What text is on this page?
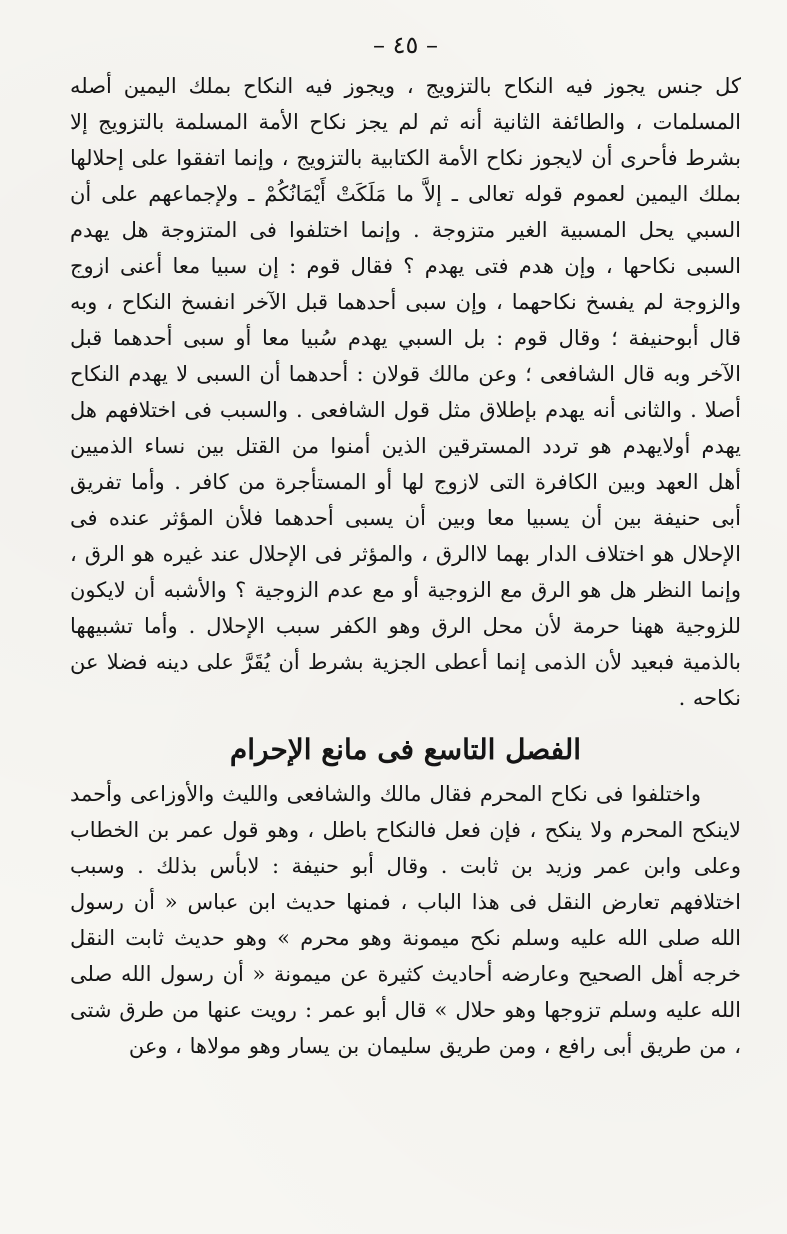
– ٤٥ –

كل جنس يجوز فيه النكاح بالتزويج ، ويجوز فيه النكاح بملك اليمين أصله المسلمات ، والطائفة الثانية أنه ثم لم يجز نكاح الأمة المسلمة بالتزويج إلا بشرط فأحرى أن لايجوز نكاح الأمة الكتابية بالتزويج ، وإنما اتفقوا على إحلالها بملك اليمين لعموم قوله تعالى ـ إلاَّ ما مَلَكَتْ أَيْمَانُكُمْ ـ ولإجماعهم على أن السبي يحل المسبية الغير متزوجة . وإنما اختلفوا فى المتزوجة هل يهدم السبى نكاحها ، وإن هدم فتى يهدم ؟ فقال قوم : إن سبيا معا أعنى ازوج والزوجة لم يفسخ نكاحهما ، وإن سبى أحدهما قبل الآخر انفسخ النكاح ، وبه قال أبوحنيفة ؛ وقال قوم : بل السبي يهدم سُبيا معا أو سبى أحدهما قبل الآخر وبه قال الشافعى ؛ وعن مالك قولان : أحدهما أن السبى لا يهدم النكاح أصلا . والثانى أنه يهدم بإطلاق مثل قول الشافعى . والسبب فى اختلافهم هل يهدم أولايهدم هو تردد المسترقين الذين أمنوا من القتل بين نساء الذميين أهل العهد وبين الكافرة التى لازوج لها أو المستأجرة من كافر . وأما تفريق أبى حنيفة بين أن يسبيا معا وبين أن يسبى أحدهما فلأن المؤثر عنده فى الإحلال هو اختلاف الدار بهما لاالرق ، والمؤثر فى الإحلال عند غيره هو الرق ، وإنما النظر هل هو الرق مع الزوجية أو مع عدم الزوجية ؟ والأشبه أن لايكون للزوجية ههنا حرمة لأن محل الرق وهو الكفر سبب الإحلال . وأما تشبيهها بالذمية فبعيد لأن الذمى إنما أعطى الجزية بشرط أن يُقَرَّ على دينه فضلا عن نكاحه .

الفصل التاسع فى مانع الإحرام

واختلفوا فى نكاح المحرم فقال مالك والشافعى والليث والأوزاعى وأحمد لاينكح المحرم ولا ينكح ، فإن فعل فالنكاح باطل ، وهو قول عمر بن الخطاب وعلى وابن عمر وزيد بن ثابت . وقال أبو حنيفة : لابأس بذلك . وسبب اختلافهم تعارض النقل فى هذا الباب ، فمنها حديث ابن عباس « أن رسول الله صلى الله عليه وسلم نكح ميمونة وهو محرم » وهو حديث ثابت النقل خرجه أهل الصحيح وعارضه أحاديث كثيرة عن ميمونة « أن رسول الله صلى الله عليه وسلم تزوجها وهو حلال » قال أبو عمر : رويت عنها من طرق شتى ، من طريق أبى رافع ، ومن طريق سليمان بن يسار وهو مولاها ، وعن
